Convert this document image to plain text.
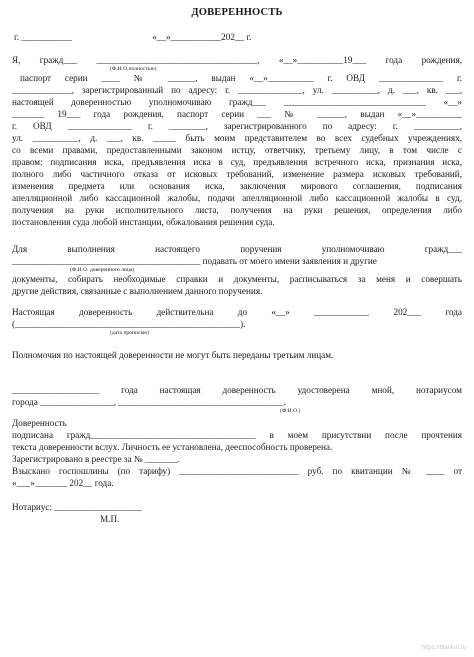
ДОВЕРЕННОСТЬ
г. ___________                                   «__»___________202__ г.
Я, гражд___ ___________________________________, «__»__________19___ года рождения,
(Ф.И.О.полностью)
паспорт серии ____ № ______, выдан «__»__________ г. ОВД ______________ г.
_____________, зарегистрированный по адресу: г. ______________, ул. __________, д. ___, кв. ___,
настоящей доверенностью уполномочиваю гражд___ _______________________________ «__»
_______ 19___ года рождения, паспорт серии ___ № ______, выдан «__»__________
г. ОВД ______________ г. ________, зарегистрированного по адресу: г. __________,
ул. __________, д. ___, кв. _____ быть моим представителем во всех судебных учреждениях,
со всеми правами, предоставленными законом истцу, ответчику, третьему лицу, в том числе с
правом: подписания иска, предъявления иска в суд, предъявления встречного иска, признания иска,
полного либо частичного отказа от исковых требований, изменение размера исковых требований,
изменения предмета или основания иска, заключения мирового соглашения, подписания
апелляционной либо кассационной жалобы, подачи апелляционной либо кассационной жалобы в суд,
получения на руки исполнительного листа, получения на руки решения, определения либо
постановления суда любой инстанции, обжалования решения суда.
Для выполнения настоящего поручения уполномочиваю гражд___
_________________________________________ подавать от моего имени заявления и другие
(Ф.И.О. доверенного лица)
документы, собирать необходимые справки и документы, расписываться за меня и совершать
другие действия, связанные с выполнением данного поручения.
Настоящая доверенность действительна до «__» ____________ 202___ года
(_________________________________________________).
(дата прописью)
Полномочия по настоящей доверенности не могут быть переданы третьим лицам.
___________________ года настоящая доверенность удостоверена мной, нотариусом
города ________________, ____________________________________.
(Ф.И.О.)
Доверенность
подписана гражд____________________________________ в моем присутствии после прочтения
текста доверенности вслух. Личность ее установлена, дееспособность проверена.
Зарегистрировано в реестре за № _______.
Взыскано госпошлины (по тарифу) __________________________ руб. по квитанции № ____ от
«___»_______ 202__ года.
Нотариус: ___________________
М.П.
https://blankof.ru
